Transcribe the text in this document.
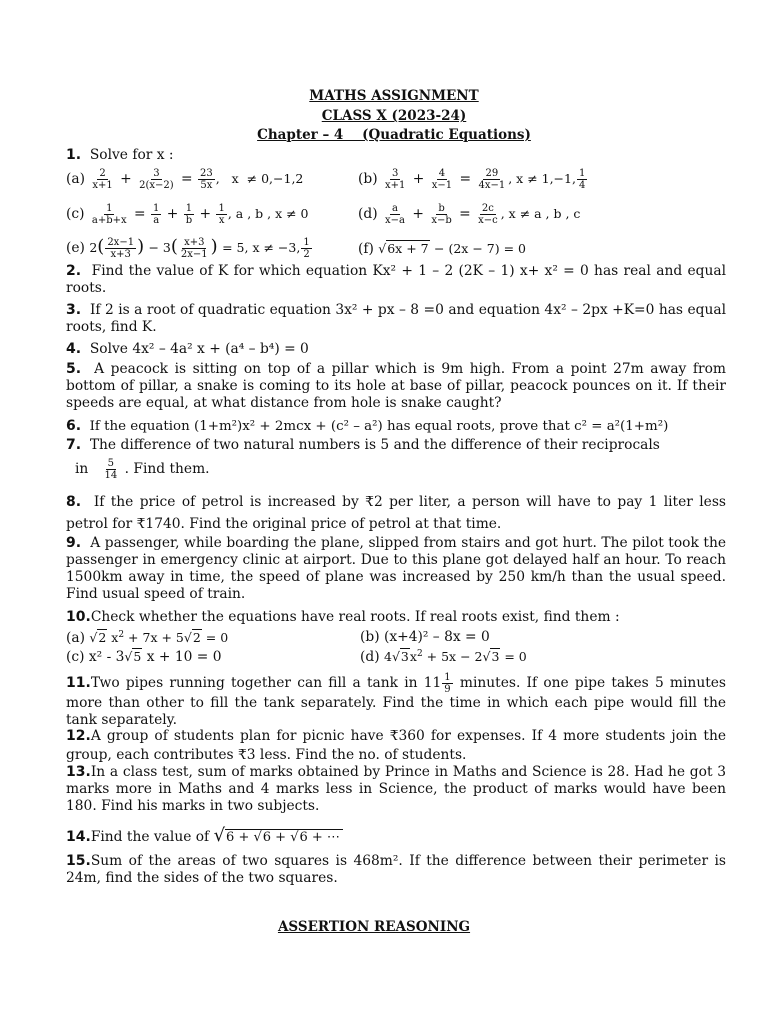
MATHS ASSIGNMENT
CLASS X (2023-24)
Chapter – 4    (Quadratic Equations)
1. Solve for x :
$(a) \frac{2}{x+1} + \frac{3}{2(x-2)} = \frac{23}{5x}$ ,   x  ≠ 0,−1,2	$(b) \frac{3}{x+1} + \frac{4}{x-1} = \frac{29}{4x-1}$ , x ≠ 1,−1, $\frac{1}{4}$
$(c) \frac{1}{a+b+x} = \frac{1}{a} + \frac{1}{b} + \frac{1}{x}$ , a , b , x ≠ 0	$(d) \frac{a}{x-a} + \frac{b}{x-b} = \frac{2c}{x-c}$ , x ≠ a , b , c
(e) $2( \frac{2x-1}{x+3}$ ) − $3( \frac{x+3}{2x-1}$ ) = 5, x ≠ −3, $\frac{1}{2}$	(f) √6x + 7 − (2x − 7) = 0
2. Find the value of K for which equation Kx² + 1 – 2 (2K – 1) x+ x² = 0 has real and equal roots.
3. If 2 is a root of quadratic equation 3x² + px – 8 =0 and equation 4x² – 2px +K=0 has equal roots, find K.
4. Solve 4x² – 4a² x + (a⁴ – b⁴) = 0
5. A peacock is sitting on top of a pillar which is 9m high. From a point 27m away from bottom of pillar, a snake is coming to its hole at base of pillar, peacock pounces on it. If their speeds are equal, at what distance from hole is snake caught?
6. If the equation (1+m²)x² + 2mcx + (c² – a²) has equal roots, prove that c² = a²(1+m²)
7. The difference of two natural numbers is 5 and the difference of their reciprocals
in $\frac{5}{14}$ . Find them.
8. If the price of petrol is increased by ₹2 per liter, a person will have to pay 1 liter less petrol for ₹1740. Find the original price of petrol at that time.
9. A passenger, while boarding the plane, slipped from stairs and got hurt. The pilot took the passenger in emergency clinic at airport. Due to this plane got delayed half an hour. To reach 1500km away in time, the speed of plane was increased by 250 km/h than the usual speed. Find usual speed of train.
10.Check whether the equations have real roots. If real roots exist, find them :
(a) √2 $x^2 + 7x + 5√2 = 0$	(b) (x+4)² – 8x = 0
(c) x² - 3√5 x + 10 = 0	(d) $4√3x^2 + 5x - 2√3 = 0$
11.Two pipes running together can fill a tank in $11 \frac{1}{9}$ minutes. If one pipe takes 5 minutes more than other to fill the tank separately. Find the time in which each pipe would fill the tank separately.
12.A group of students plan for picnic have ₹360 for expenses. If 4 more students join the group, each contributes ₹3 less. Find the no. of students.
13.In a class test, sum of marks obtained by Prince in Maths and Science is 28. Had he got 3 marks more in Maths and 4 marks less in Science, the product of marks would have been 180. Find his marks in two subjects.
14.Find the value of √6 + √6 + √6 + ⋯
15.Sum of the areas of two squares is 468m². If the difference between their perimeter is 24m, find the sides of the two squares.
ASSERTION REASONING
